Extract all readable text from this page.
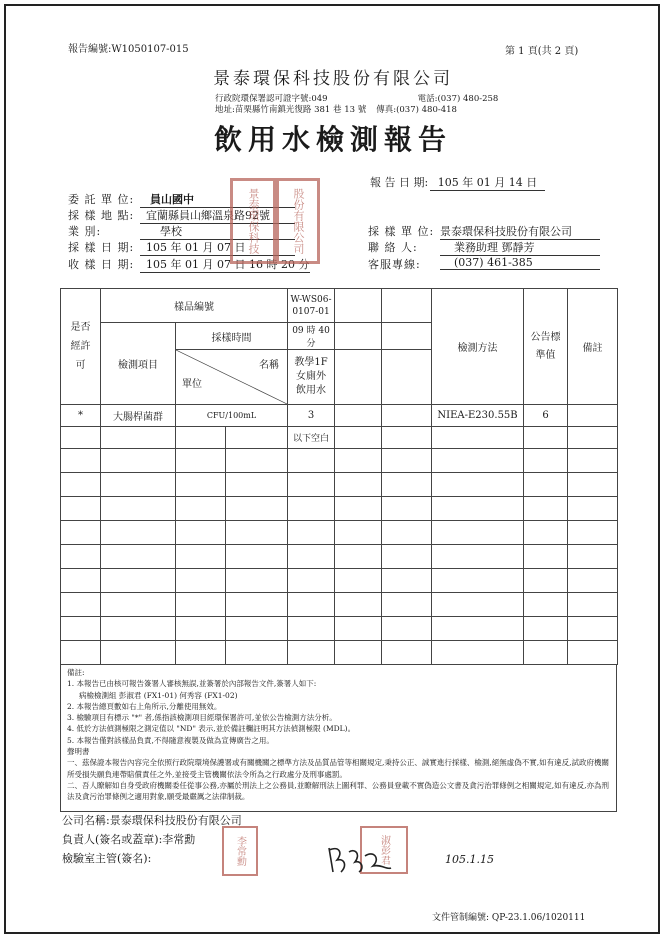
報告編號:W1050107-015	第 1 頁(共 2 頁)
景泰環保科技股份有限公司
行政院環保署認可證字號:049	電話:(037) 480-258
地址:苗栗縣竹南鎮光復路 381 巷 13 號 傳真:(037) 480-418
飲用水檢測報告
報 告 日 期: 105 年 01 月 14 日
委 託 單 位:	員山國中
採 樣 地 點:	宜蘭縣員山鄉溫泉路92號
業 別:	學校
採 樣 日 期:	105 年 01 月 07 日
收 樣 日 期:	105 年 01 月 07 日 16 時 20 分
採 樣 單 位: 景泰環保科技股份有限公司
聯 絡 人:	業務助理 鄧靜芳
客服專線:	(037) 461-385
景泰環保科技	股份有限公司
是否經許可	樣品編號			W-WS06-0107-01			檢測方法	公告標準值	備註
	檢測項目	採樣時間		09 時 40 分					

		名稱
單位		教學1F 女廁外 飲用水					

*	大腸桿菌群	CFU/100mL		3			NIEA-E230.55B	6	
				以下空白					

備註:
1. 本報告已由核可報告簽署人審核無誤,並簽署於內部報告文件,簽署人如下:
病檢檢測組 彭淑君 (FX1-01) 何秀容 (FX1-02)
2. 本報告總頁數如右上角所示,分離使用無效。
3. 檢驗項目有標示 "*" 者,係指該檢測項目經環保署許可,並依公告檢測方法分析。
4. 低於方法偵測極限之測定值以 "ND" 表示,並於備註欄註明其方法偵測極限 (MDL)。
5. 本報告僅對該樣品負責,不得隨意複製及做為宣傳廣告之用。
聲明書
一、茲保證本報告內容完全依照行政院環境保護署或有關機關之標準方法及品質品管等相關規定,秉持公正、誠實進行採樣、檢測,絕無虛偽不實,如有違反,試政府機關所受損失願負連帶賠償責任之外,並接受主管機關依法令所為之行政處分及刑事處罰。
二、吾人瞭解如自身受政府機關委任從事公務,亦屬於刑法上之公務員,並瞭解刑法上圖利罪、公務員登載不實偽造公文書及貪污治罪條例之相關規定,如有違反,亦為刑法及貪污治罪條例之適用對象,願受最嚴厲之法律制裁。
公司名稱:景泰環保科技股份有限公司
負責人(簽名或蓋章):李常勳
檢驗室主管(簽名):	李常勳	淑彭君	105.1.15
文件管制編號: QP-23.1.06/1020111
